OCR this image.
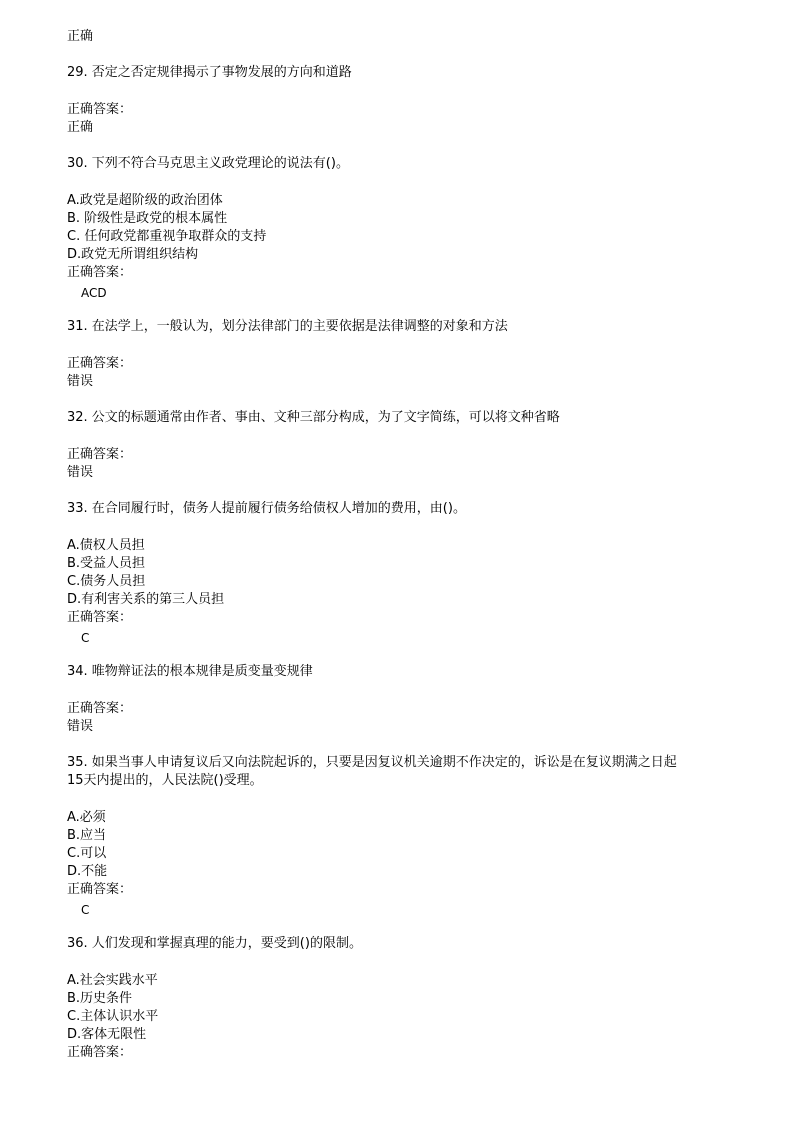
正确
29. 否定之否定规律揭示了事物发展的方向和道路
正确答案：
正确
30. 下列不符合马克思主义政党理论的说法有()。
A.政党是超阶级的政治团体
B. 阶级性是政党的根本属性
C. 任何政党都重视争取群众的支持
D.政党无所谓组织结构
正确答案：
ACD
31. 在法学上，一般认为，划分法律部门的主要依据是法律调整的对象和方法
正确答案：
错误
32. 公文的标题通常由作者、事由、文种三部分构成，为了文字简练，可以将文种省略
正确答案：
错误
33. 在合同履行时，债务人提前履行债务给债权人增加的费用，由()。
A.债权人员担
B.受益人员担
C.债务人员担
D.有利害关系的第三人员担
正确答案：
C
34. 唯物辩证法的根本规律是质变量变规律
正确答案：
错误
35. 如果当事人申请复议后又向法院起诉的，只要是因复议机关逾期不作决定的，诉讼是在复议期满之日起
15天内提出的，人民法院()受理。
A.必须
B.应当
C.可以
D.不能
正确答案：
C
36. 人们发现和掌握真理的能力，要受到()的限制。
A.社会实践水平
B.历史条件
C.主体认识水平
D.客体无限性
正确答案：
